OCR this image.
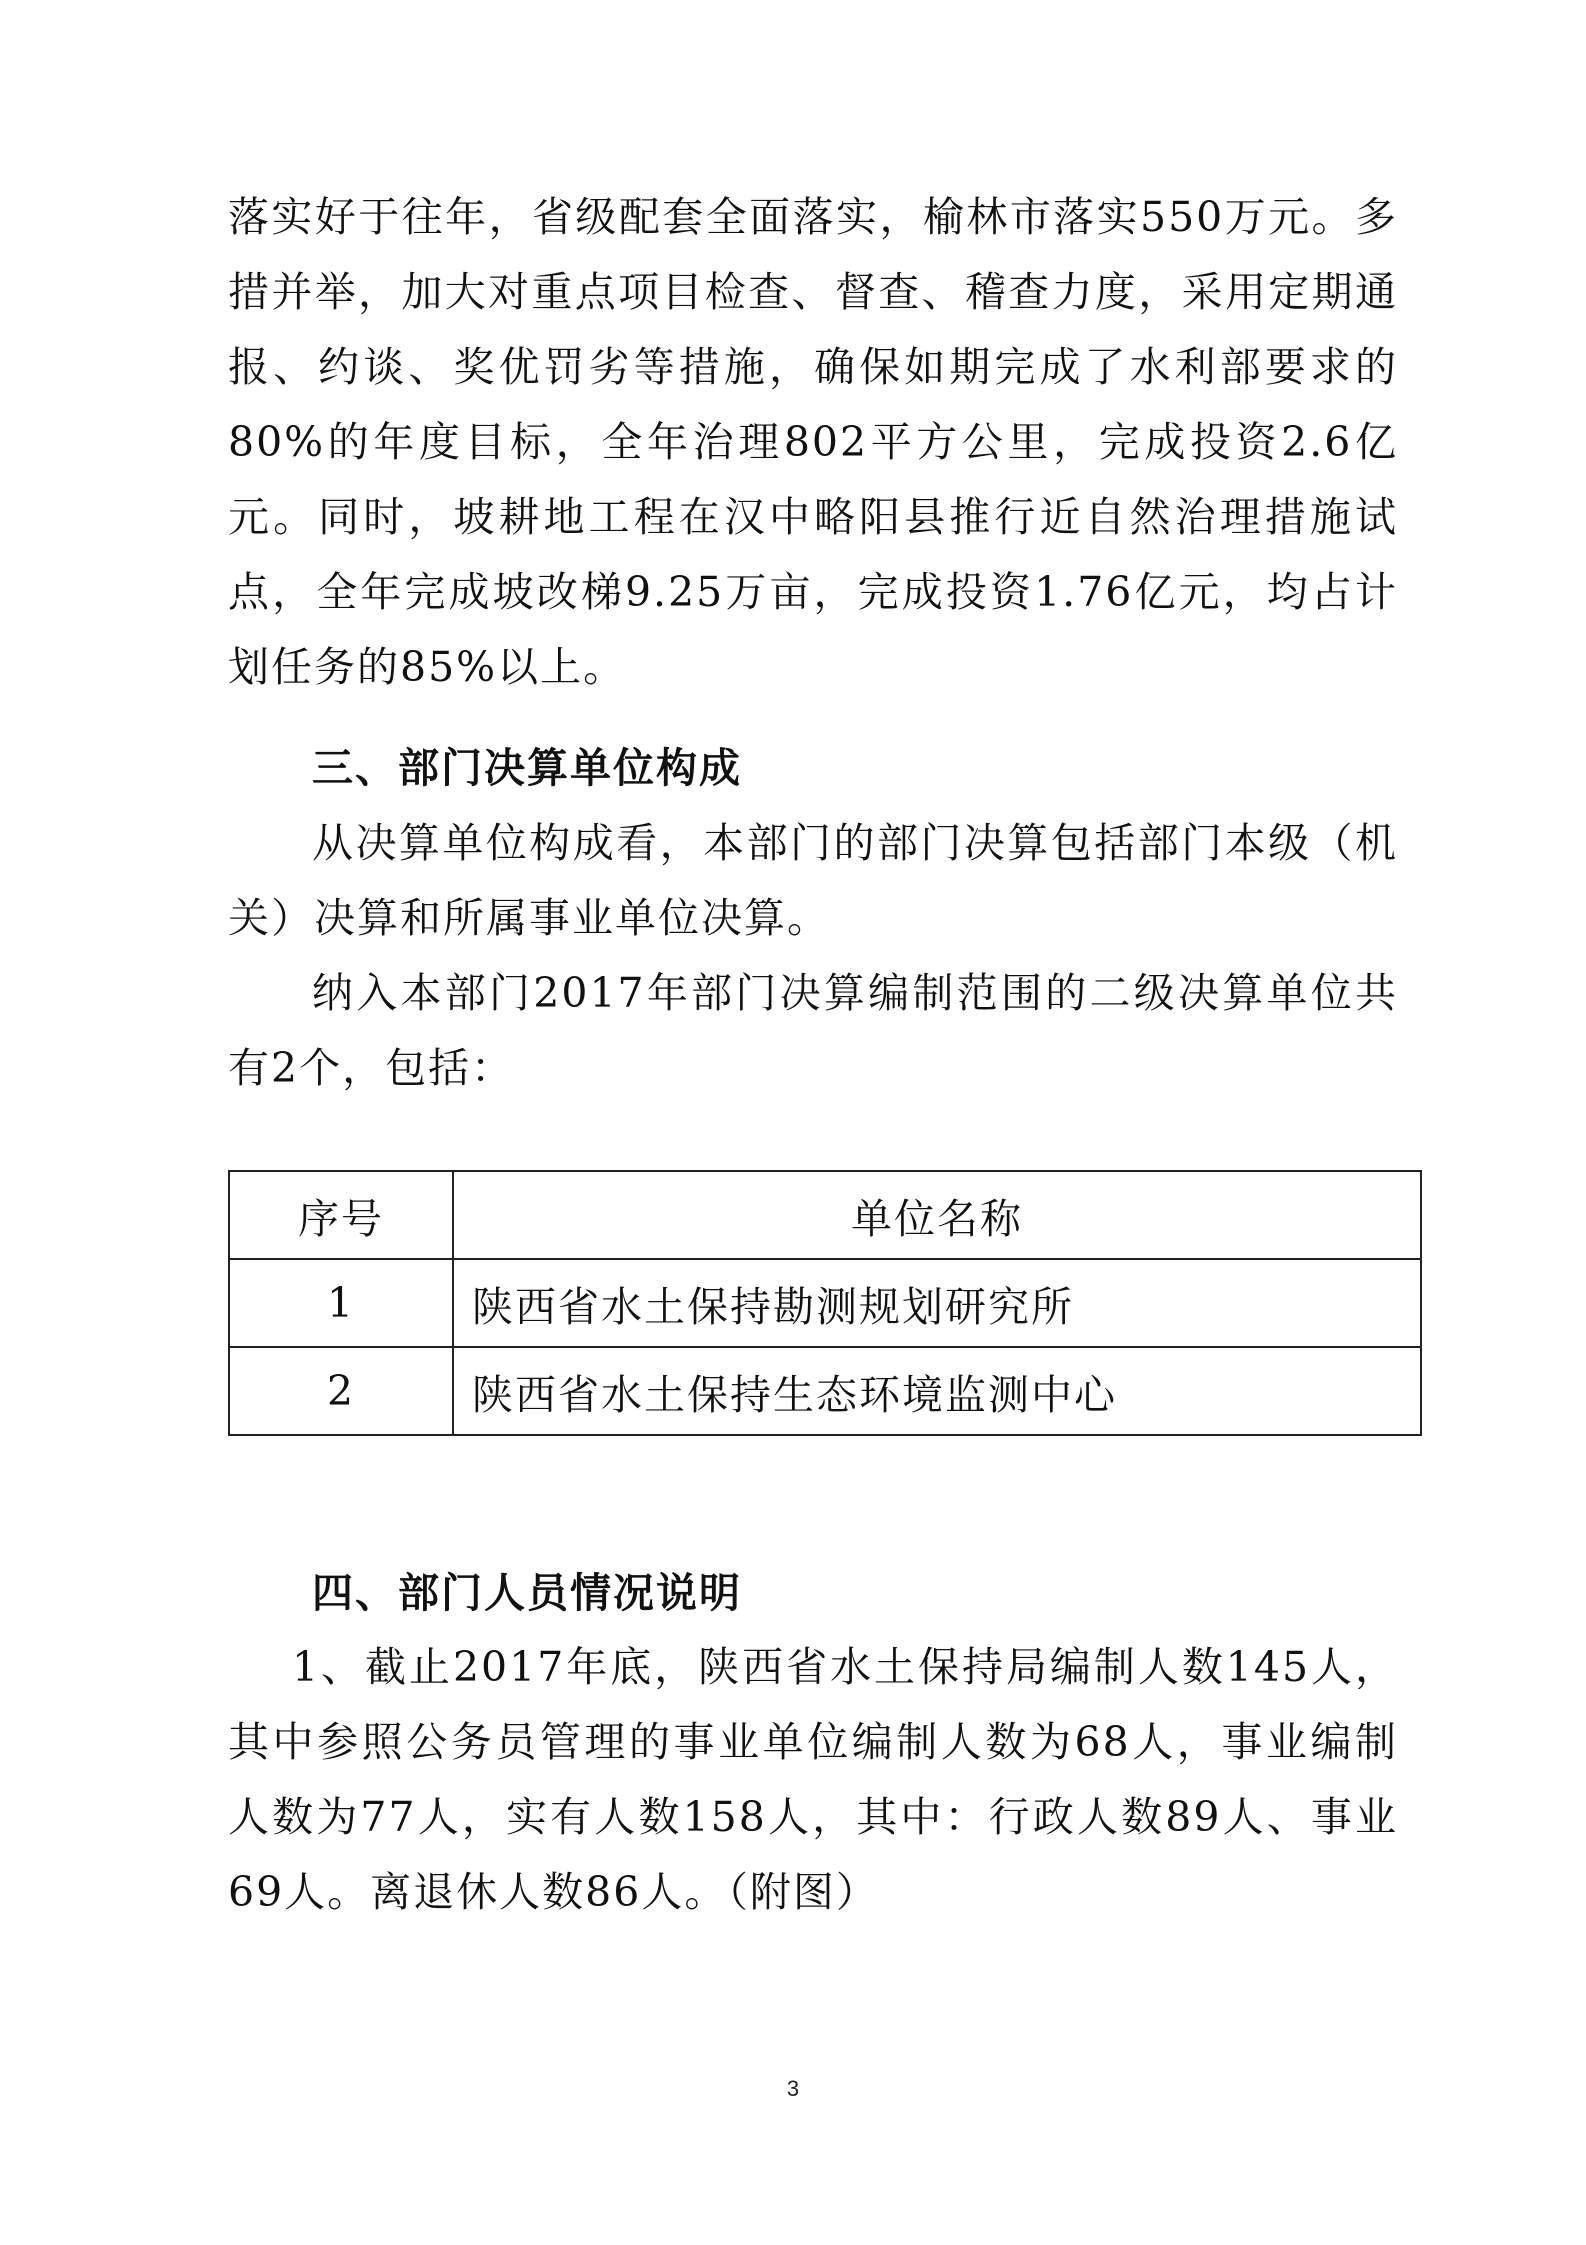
落实好于往年，省级配套全面落实，榆林市落实550万元。多措并举，加大对重点项目检查、督查、稽查力度，采用定期通报、约谈、奖优罚劣等措施，确保如期完成了水利部要求的80%的年度目标，全年治理802平方公里，完成投资2.6亿元。同时，坡耕地工程在汉中略阳县推行近自然治理措施试点，全年完成坡改梯9.25万亩，完成投资1.76亿元，均占计划任务的85%以上。

三、部门决算单位构成

从决算单位构成看，本部门的部门决算包括部门本级（机关）决算和所属事业单位决算。

纳入本部门2017年部门决算编制范围的二级决算单位共有2个，包括：

序号	单位名称
1	陕西省水土保持勘测规划研究所
2	陕西省水土保持生态环境监测中心

四、部门人员情况说明

1、截止2017年底，陕西省水土保持局编制人数145人，其中参照公务员管理的事业单位编制人数为68人，事业编制人数为77人，实有人数158人，其中：行政人数89人、事业69人。离退休人数86人。（附图）

3
